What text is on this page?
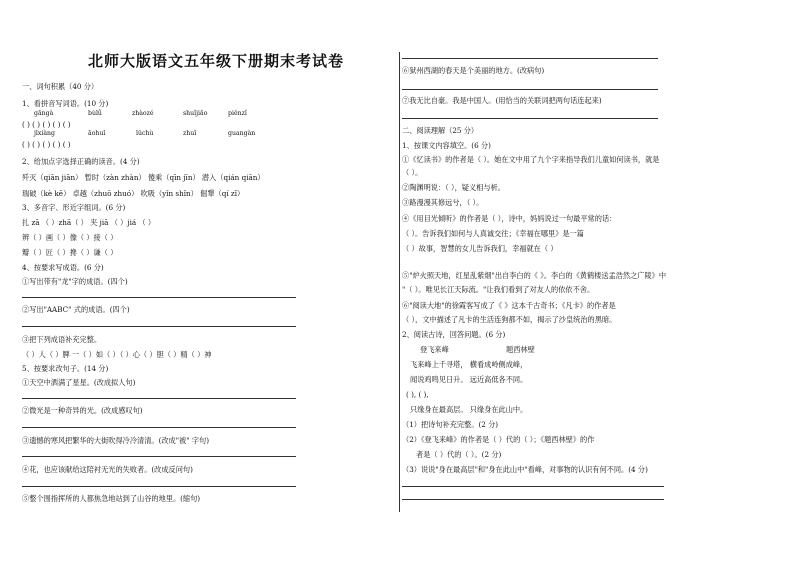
北师大版语文五年级下册期末考试卷
一、词句积累（40 分）
1、看拼音写词语。(10 分)
gāngà	bùlǚ	zhàozé	shuǐjiǎo	piěnzǐ
( ) ( ) ( ) ( ) ( )
jīxiàng	āohuǐ	lǔchù	zhuǐ	guangàn
( ) ( ) ( ) ( ) ( )
2、给加点字选择正确的读音。(4 分)
歼灭（qiān jiān） 暂时（zàn zhàn） 傻乘（qīn jīn） 潜入（qián qiān）
瑞破（kè kē） 卓越（zhuō zhuó） 吹吸（yǐn shǐn） 倔犟（qí zǐ）
3、多音字、形近字组词。(6 分)
扎 zā （ ）zhā（ ） 夹 jiā （ ）jiá （ ）
辨（ ）画（ ）像（ ）接（ ）
瓣（ ）匠（ ）搀（ ）谦（ ）
4、按要求写成语。(6 分)
①写出带有"龙"字的成语。(四个)
②写出"AABC" 式的成语。(四个)
③把下列成语补充完整。
（ ）人（ ）脾 一（ ）如（ ）（ ）心（ ）胆（ ）精（ ）神
5、按要求改句子。(14 分)
①天空中洒满了星星。(改成拟人句)
②微光是一种奇异的光。(改成感叹句)
③遗憾的寒风把繁华的大街吹得冷冷清清。(改成"被" 字句)
④花，也应该献给这陪衬无光的失败者。(改成反问句)
⑤整个围指挥所的人都焦急地站到了山谷的地里。(缩句)
⑥狱州西湖的春天是个美丽的地方。(改病句)
⑦我无比自豪。我是中国人。(用恰当的关联词把两句话连起来)
二、阅读理解（25 分）
1、按课文内容填空。(6 分)
①《忆读书》的作者是（ ）。她在文中用了九个字来指导我们儿童如何读书，就是
（ ）。
②陶渊明说：（ ），疑义相与析。
③路漫漫其修远兮，（ ）。
④《用目光倾听》的作者是（ ），诗中，妈妈说过一句最平常的话：
（ ）。告诉我们如何与人真诚交往；《幸福在哪里》是一篇
（ ）故事，智慧的女儿告诉我们，幸福就在（ ）
⑤"炉火照天地，红星乱紫烟"出自李白的《 》。李白的《黄鹤楼送孟浩然之广陵》中
"（ ）。唯见长江天际流。"让我们看到了对友人的依依不舍。
⑥"阅读大地"的徐霞客写成了《 》这本千古奇书；《凡卡》的作者是
（ ），文中描述了凡卡的生活连狗都不如，揭示了沙皇统治的黑暗。
2、阅读古诗，回答问题。(6 分)
登飞来峰	题西林壁
飞来峰上千寻塔， 横看成岭侧成峰，
闻说鸡鸣见日升。 远近高低各不同。
( ), ( ),
只缘身在最高层。 只缘身在此山中。
（1）把诗句补充完整。(2 分)
（2）《登飞来峰》的作者是（ ）代的（ ）；《题西林壁》的作
者是（ ）代的（ ）。(2 分)
（3）说说"身在最高层"和"身在此山中"看峰，对事物的认识有何不同。(4 分)
